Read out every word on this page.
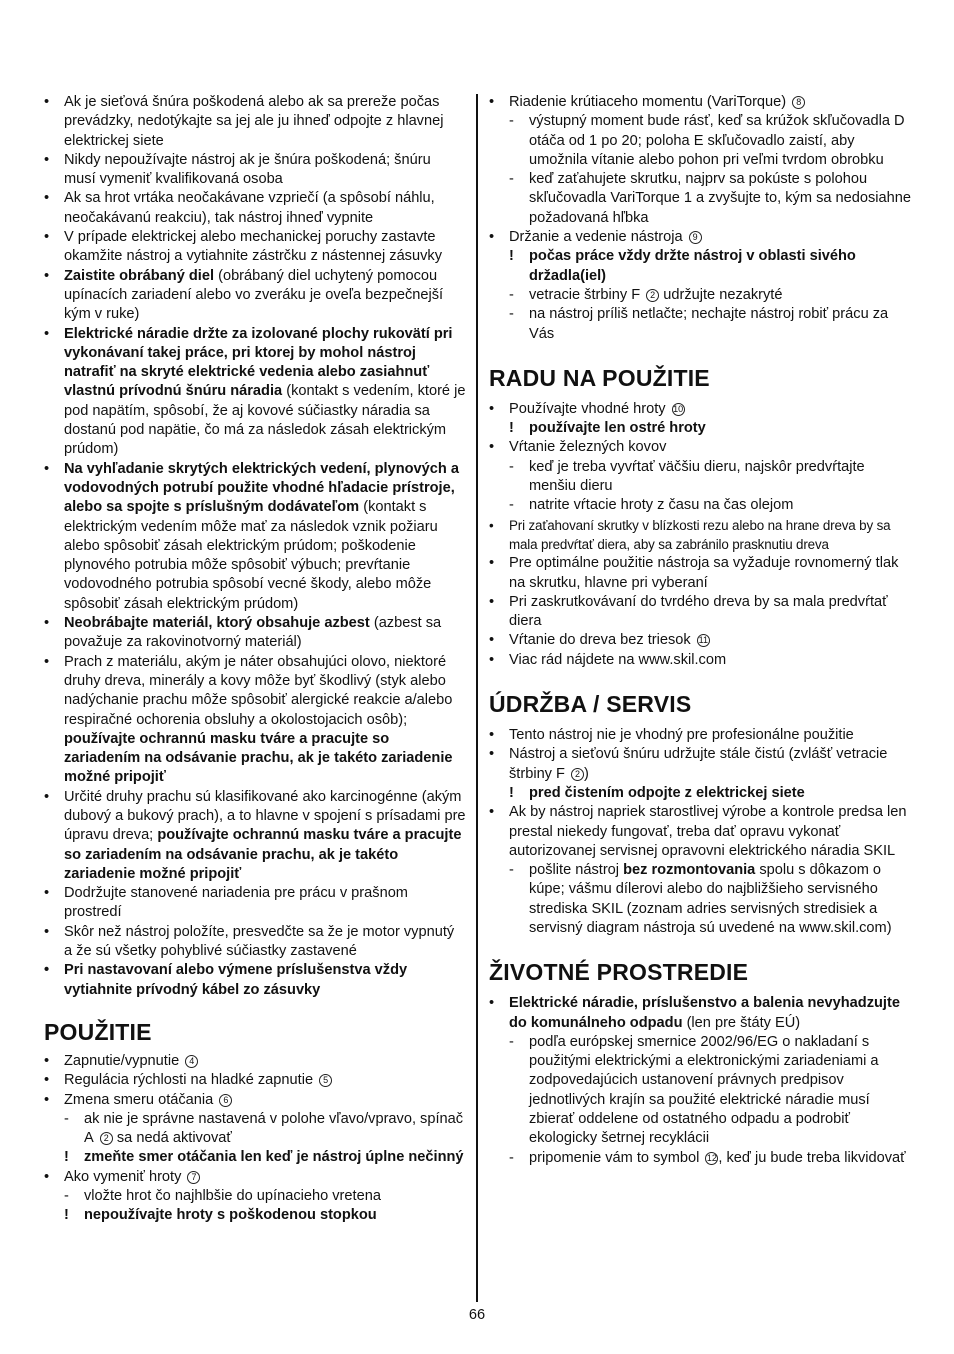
• Ak je sieťová šnúra poškodená alebo ak sa prereže počas prevádzky, nedotýkajte sa jej ale ju ihneď odpojte z hlavnej elektrickej siete
• Nikdy nepoužívajte nástroj ak je šnúra poškodená; šnúru musí vymeniť kvalifikovaná osoba
• Ak sa hrot vrtáka neočakávane vzpriečí (a spôsobí náhlu, neočakávanú reakciu), tak nástroj ihneď vypnite
• V prípade elektrickej alebo mechanickej poruchy zastavte okamžite nástroj a vytiahnite zástrčku z nástennej zásuvky
• Zaistite obrábaný diel (obrábaný diel uchytený pomocou upínacích zariadení alebo vo zveráku je oveľa bezpečnejší kým v ruke)
• Elektrické náradie držte za izolované plochy rukovätí pri vykonávaní takej práce, pri ktorej by mohol nástroj natrafiť na skryté elektrické vedenia alebo zasiahnuť vlastnú prívodnú šnúru náradia (kontakt s vedením, ktoré je pod napätím, spôsobí, že aj kovové súčiastky náradia sa dostanú pod napätie, čo má za následok zásah elektrickým prúdom)
• Na vyhľadanie skrytých elektrických vedení, plynových a vodovodných potrubí použite vhodné hľadacie prístroje, alebo sa spojte s príslušným dodávateľom (kontakt s elektrickým vedením môže mať za následok vznik požiaru alebo spôsobiť zásah elektrickým prúdom; poškodenie plynového potrubia môže spôsobiť výbuch; prevŕtanie vodovodného potrubia spôsobí vecné škody, alebo môže spôsobiť zásah elektrickým prúdom)
• Neobrábajte materiál, ktorý obsahuje azbest (azbest sa považuje za rakovinotvorný materiál)
• Prach z materiálu, akým je náter obsahujúci olovo, niektoré druhy dreva, minerály a kovy môže byť škodlivý (styk alebo nadýchanie prachu môže spôsobiť alergické reakcie a/alebo respiračné ochorenia obsluhy a okolostojacich osôb); používajte ochrannú masku tváre a pracujte so zariadením na odsávanie prachu, ak je takéto zariadenie možné pripojiť
• Určité druhy prachu sú klasifikované ako karcinogénne (akým dubový a bukový prach), a to hlavne v spojení s prísadami pre úpravu dreva; používajte ochrannú masku tváre a pracujte so zariadením na odsávanie prachu, ak je takéto zariadenie možné pripojiť
• Dodržujte stanovené nariadenia pre prácu v prašnom prostredí
• Skôr než nástroj položíte, presvedčte sa že je motor vypnutý a že sú všetky pohyblivé súčiastky zastavené
• Pri nastavovaní alebo výmene príslušenstva vždy vytiahnite prívodný kábel zo zásuvky
POUŽITIE
• Zapnutie/vypnutie 4
• Regulácia rýchlosti na hladké zapnutie 5
• Zmena smeru otáčania 6
- ak nie je správne nastavená v polohe vľavo/vpravo, spínač A 2 sa nedá aktivovať
! zmeňte smer otáčania len keď je nástroj úplne nečinný
• Ako vymeniť hroty 7
- vložte hrot čo najhlbšie do upínacieho vretena
! nepoužívajte hroty s poškodenou stopkou
• Riadenie krútiaceho momentu (VariTorque) 8
- výstupný moment bude rásť, keď sa krúžok skľučovadla D otáča od 1 po 20; poloha E skľučovadlo zaistí, aby umožnila vítanie alebo pohon pri veľmi tvrdom obrobku
- keď zaťahujete skrutku, najprv sa pokúste s polohou skľučovadla VariTorque 1 a zvyšujte to, kým sa nedosiahne požadovaná hľbka
• Držanie a vedenie nástroja 9
! počas práce vždy držte nástroj v oblasti sivého držadla(iel)
- vetracie štrbiny F 2 udržujte nezakryté
- na nástroj príliš netlačte; nechajte nástroj robiť prácu za Vás
RADU NA POUŽITIE
• Používajte vhodné hroty 10
! používajte len ostré hroty
• Vŕtanie železných kovov
- keď je treba vyvŕtať väčšiu dieru, najskôr predvŕtajte menšiu dieru
- natrite vŕtacie hroty z času na čas olejom
• Pri zaťahovaní skrutky v blízkosti rezu alebo na hrane dreva by sa mala predvŕtať diera, aby sa zabránilo prasknutiu dreva
• Pre optimálne použitie nástroja sa vyžaduje rovnomerný tlak na skrutku, hlavne pri vyberaní
• Pri zaskrutkovávaní do tvrdého dreva by sa mala predvŕtať diera
• Vŕtanie do dreva bez triesok 11
• Viac rád nájdete na www.skil.com
ÚDRŽBA / SERVIS
• Tento nástroj nie je vhodný pre profesionálne použitie
• Nástroj a sieťovú šnúru udržujte stále čistú (zvlášť vetracie štrbiny F 2 )
! pred čistením odpojte z elektrickej siete
• Ak by nástroj napriek starostlivej výrobe a kontrole predsa len prestal niekedy fungovať, treba dať opravu vykonať autorizovanej servisnej opravovni elektrického náradia SKIL
- pošlite nástroj bez rozmontovania spolu s dôkazom o kúpe; vášmu dílerovi alebo do najbližšieho servisného strediska SKIL (zoznam adries servisných stredisiek a servisný diagram nástroja sú uvedené na www.skil.com)
ŽIVOTNÉ PROSTREDIE
• Elektrické náradie, príslušenstvo a balenia nevyhadzujte do komunálneho odpadu (len pre štáty EÚ)
- podľa európskej smernice 2002/96/EG o nakladaní s použitými elektrickými a elektronickými zariadeniami a zodpovedajúcich ustanovení právnych predpisov jednotlivých krajín sa použité elektrické náradie musí zbierať oddelene od ostatného odpadu a podrobiť ekologicky šetrnej recyklácii
- pripomenie vám to symbol 12 , keď ju bude treba likvidovať
66
